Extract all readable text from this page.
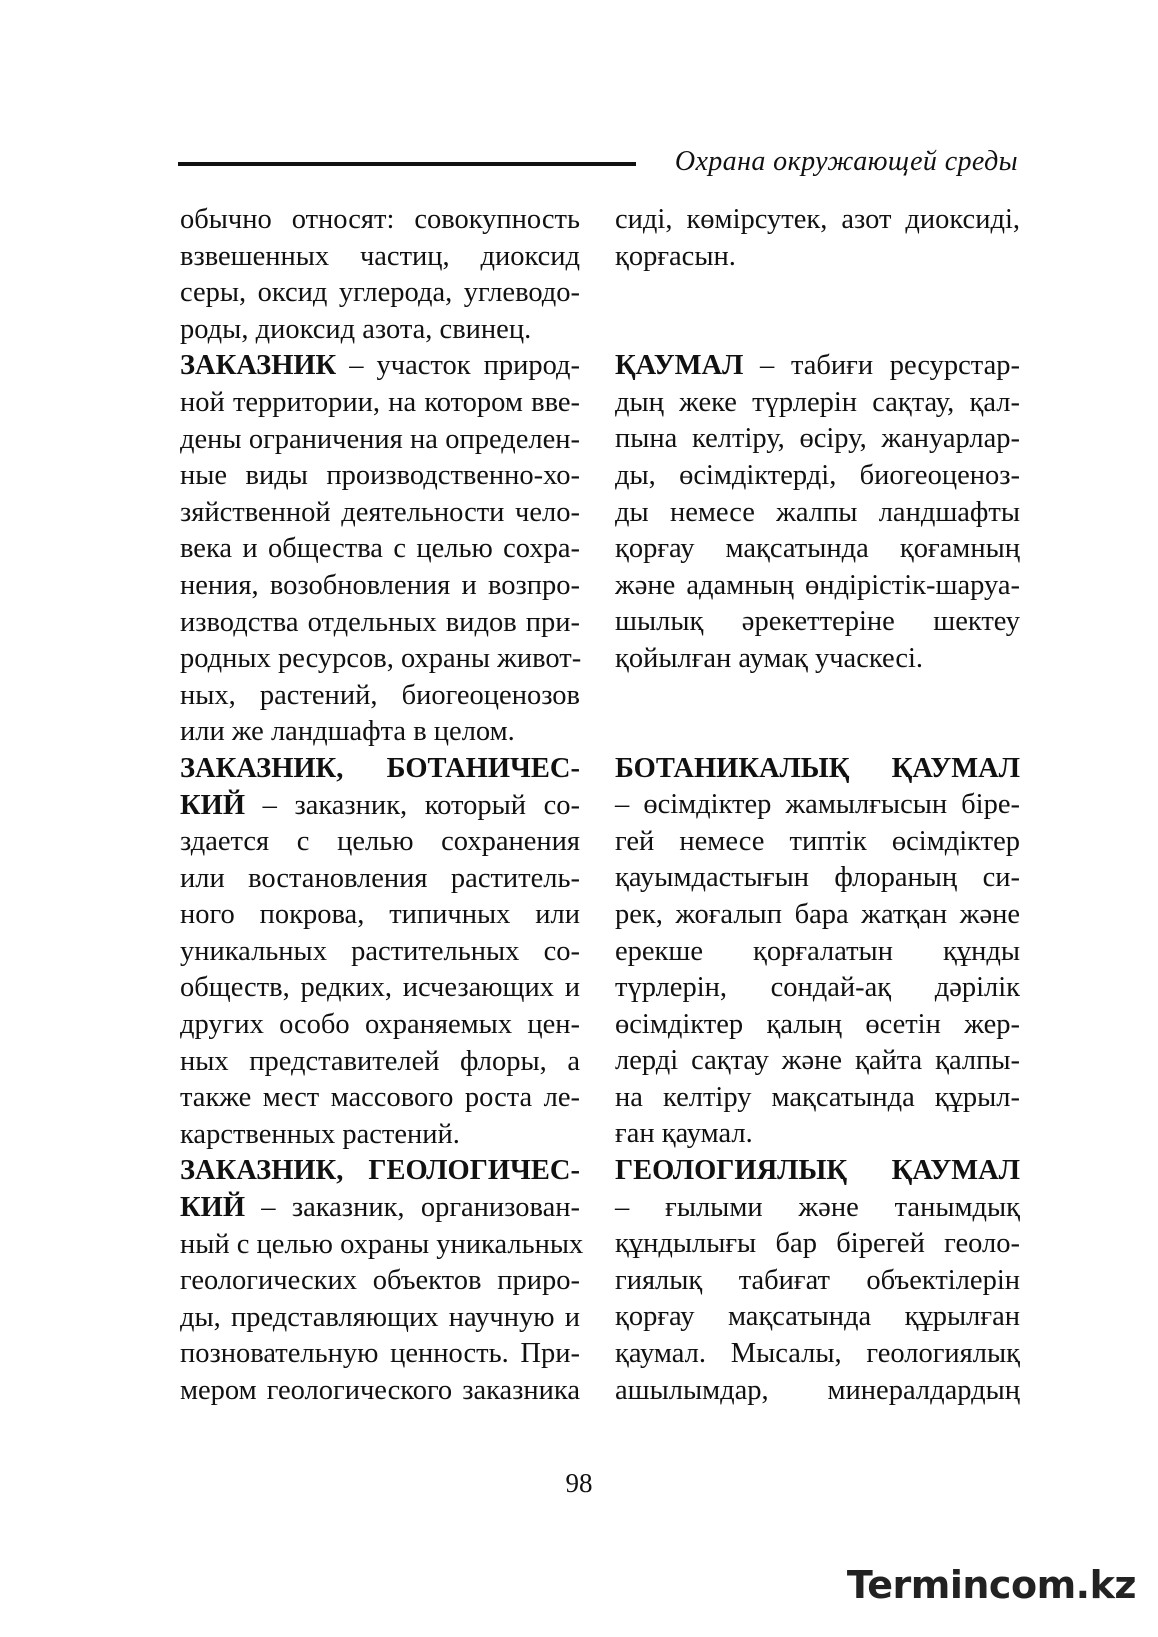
Охрана окружающей среды
обычно относят: совокупность
взвешенных частиц, диоксид
серы, оксид углерода, углеводо-
роды, диоксид азота, свинец.
ЗАКАЗНИК – участок природ-
ной территории, на котором вве-
дены ограничения на определен-
ные виды производственно-хо-
зяйственной деятельности чело-
века и общества с целью сохра-
нения, возобновления и возпро-
изводства отдельных видов при-
родных ресурсов, охраны живот-
ных, растений, биогеоценозов
или же ландшафта в целом.
ЗАКАЗНИК, БОТАНИЧЕС-
КИЙ – заказник, который со-
здается с целью сохранения
или востановления раститель-
ного покрова, типичных или
уникальных растительных со-
обществ, редких, исчезающих и
других особо охраняемых цен-
ных представителей флоры, а
также мест массового роста ле-
карственных растений.
ЗАКАЗНИК, ГЕОЛОГИЧЕС-
КИЙ – заказник, организован-
ный с целью охраны уникальных
геологических объектов приро-
ды, представляющих научную и
позновательную ценность. При-
мером геологического заказника
сиді, көмірсутек, азот диоксиді,
қорғасын.
ҚАУМАЛ – табиғи ресурстар-
дың жеке түрлерін сақтау, қал-
пына келтіру, өсіру, жануарлар-
ды, өсімдіктерді, биогеоценоз-
ды немесе жалпы ландшафты
қорғау мақсатында қоғамның
және адамның өндірістік-шаруа-
шылық әрекеттеріне шектеу
қойылған аумақ учаскесі.
БОТАНИКАЛЫҚ ҚАУМАЛ
– өсімдіктер жамылғысын біре-
гей немесе типтік өсімдіктер
қауымдастығын флораның си-
рек, жоғалып бара жатқан және
ерекше қорғалатын құнды
түрлерін, сондай-ақ дәрілік
өсімдіктер қалың өсетін жер-
лерді сақтау және қайта қалпы-
на келтіру мақсатында құрыл-
ған қаумал.
ГЕОЛОГИЯЛЫҚ ҚАУМАЛ
– ғылыми және танымдық
құндылығы бар бірегей геоло-
гиялық табиғат объектілерін
қорғау мақсатында құрылған
қаумал. Мысалы, геологиялық
ашылымдар, минералдардың
98
Termincom.kz
